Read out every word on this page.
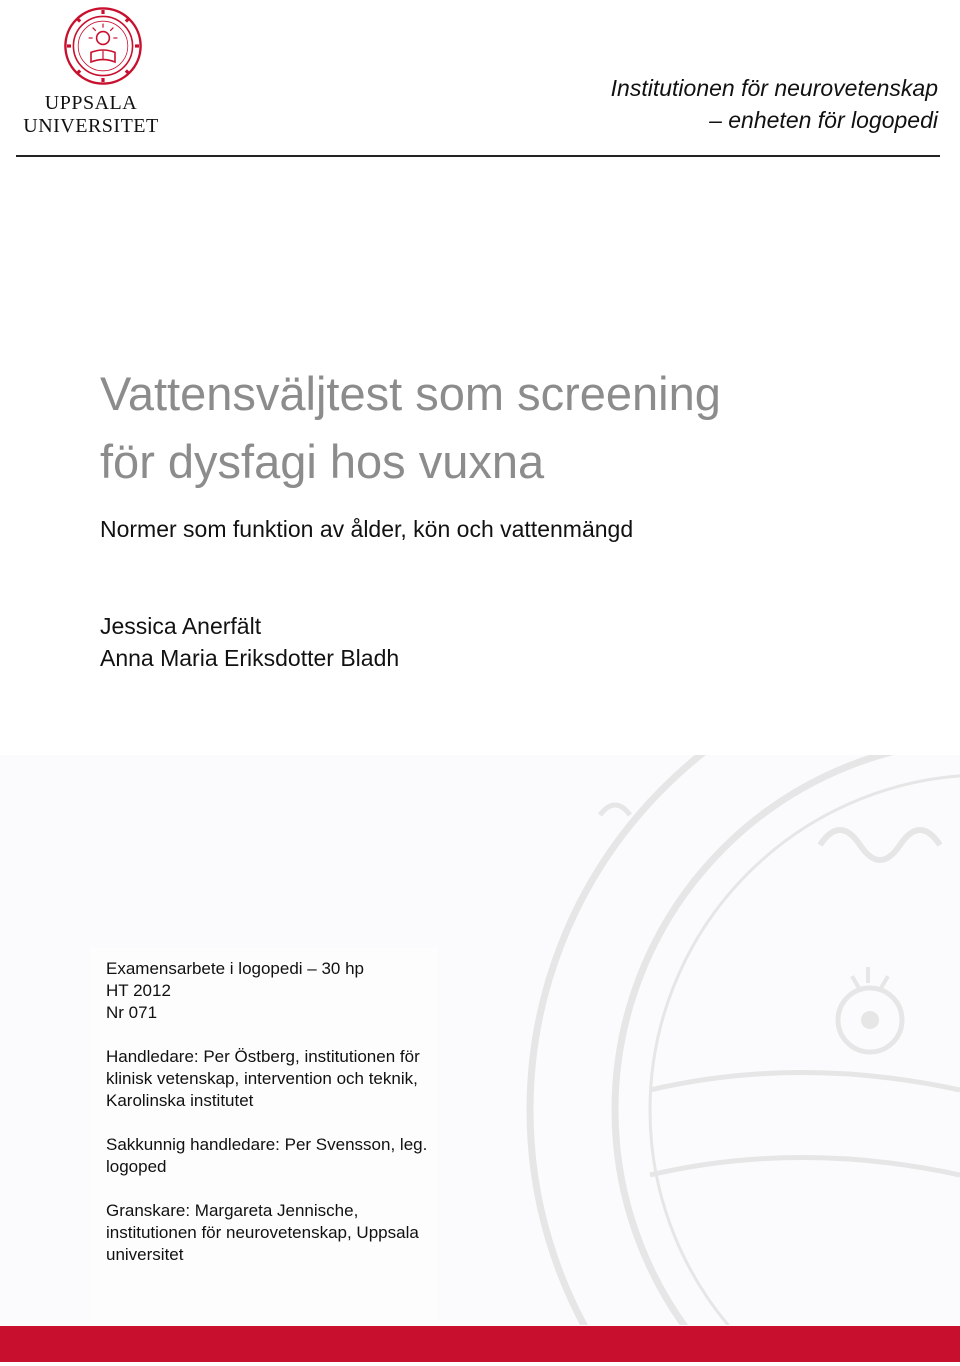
UPPSALA
UNIVERSITET
Institutionen för neurovetenskap
– enheten för logopedi
Vattensväljtest som screening
för dysfagi hos vuxna
Normer som funktion av ålder, kön och vattenmängd
Jessica Anerfält
Anna Maria Eriksdotter Bladh

Examensarbete i logopedi – 30 hp
HT 2012
Nr 071

Handledare: Per Östberg, institutionen för klinisk vetenskap, intervention och teknik, Karolinska institutet

Sakkunnig handledare: Per Svensson, leg. logoped

Granskare: Margareta Jennische, institutionen för neurovetenskap, Uppsala universitet
